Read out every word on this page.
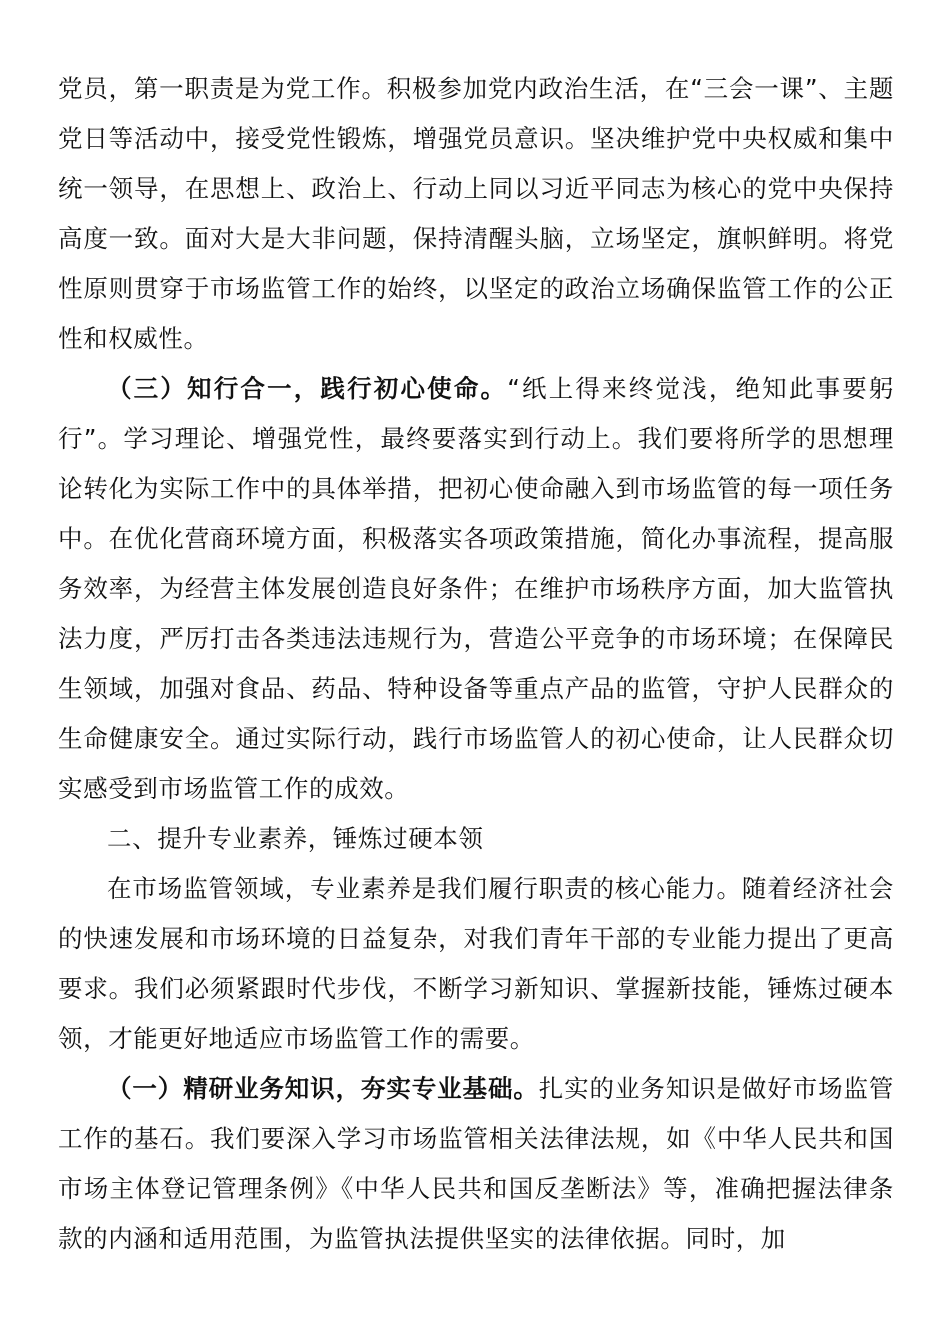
党员，第一职责是为党工作。积极参加党内政治生活，在“三会一课”、主题党日等活动中，接受党性锻炼，增强党员意识。坚决维护党中央权威和集中统一领导，在思想上、政治上、行动上同以习近平同志为核心的党中央保持高度一致。面对大是大非问题，保持清醒头脑，立场坚定，旗帜鲜明。将党性原则贯穿于市场监管工作的始终，以坚定的政治立场确保监管工作的公正性和权威性。

（三）知行合一，践行初心使命。“纸上得来终觉浅，绝知此事要躬行”。学习理论、增强党性，最终要落实到行动上。我们要将所学的思想理论转化为实际工作中的具体举措，把初心使命融入到市场监管的每一项任务中。在优化营商环境方面，积极落实各项政策措施，简化办事流程，提高服务效率，为经营主体发展创造良好条件；在维护市场秩序方面，加大监管执法力度，严厉打击各类违法违规行为，营造公平竞争的市场环境；在保障民生领域，加强对食品、药品、特种设备等重点产品的监管，守护人民群众的生命健康安全。通过实际行动，践行市场监管人的初心使命，让人民群众切实感受到市场监管工作的成效。

二、提升专业素养，锤炼过硬本领

在市场监管领域，专业素养是我们履行职责的核心能力。随着经济社会的快速发展和市场环境的日益复杂，对我们青年干部的专业能力提出了更高要求。我们必须紧跟时代步伐，不断学习新知识、掌握新技能，锤炼过硬本领，才能更好地适应市场监管工作的需要。

（一）精研业务知识，夯实专业基础。扎实的业务知识是做好市场监管工作的基石。我们要深入学习市场监管相关法律法规，如《中华人民共和国市场主体登记管理条例》《中华人民共和国反垄断法》等，准确把握法律条款的内涵和适用范围，为监管执法提供坚实的法律依据。同时，加
